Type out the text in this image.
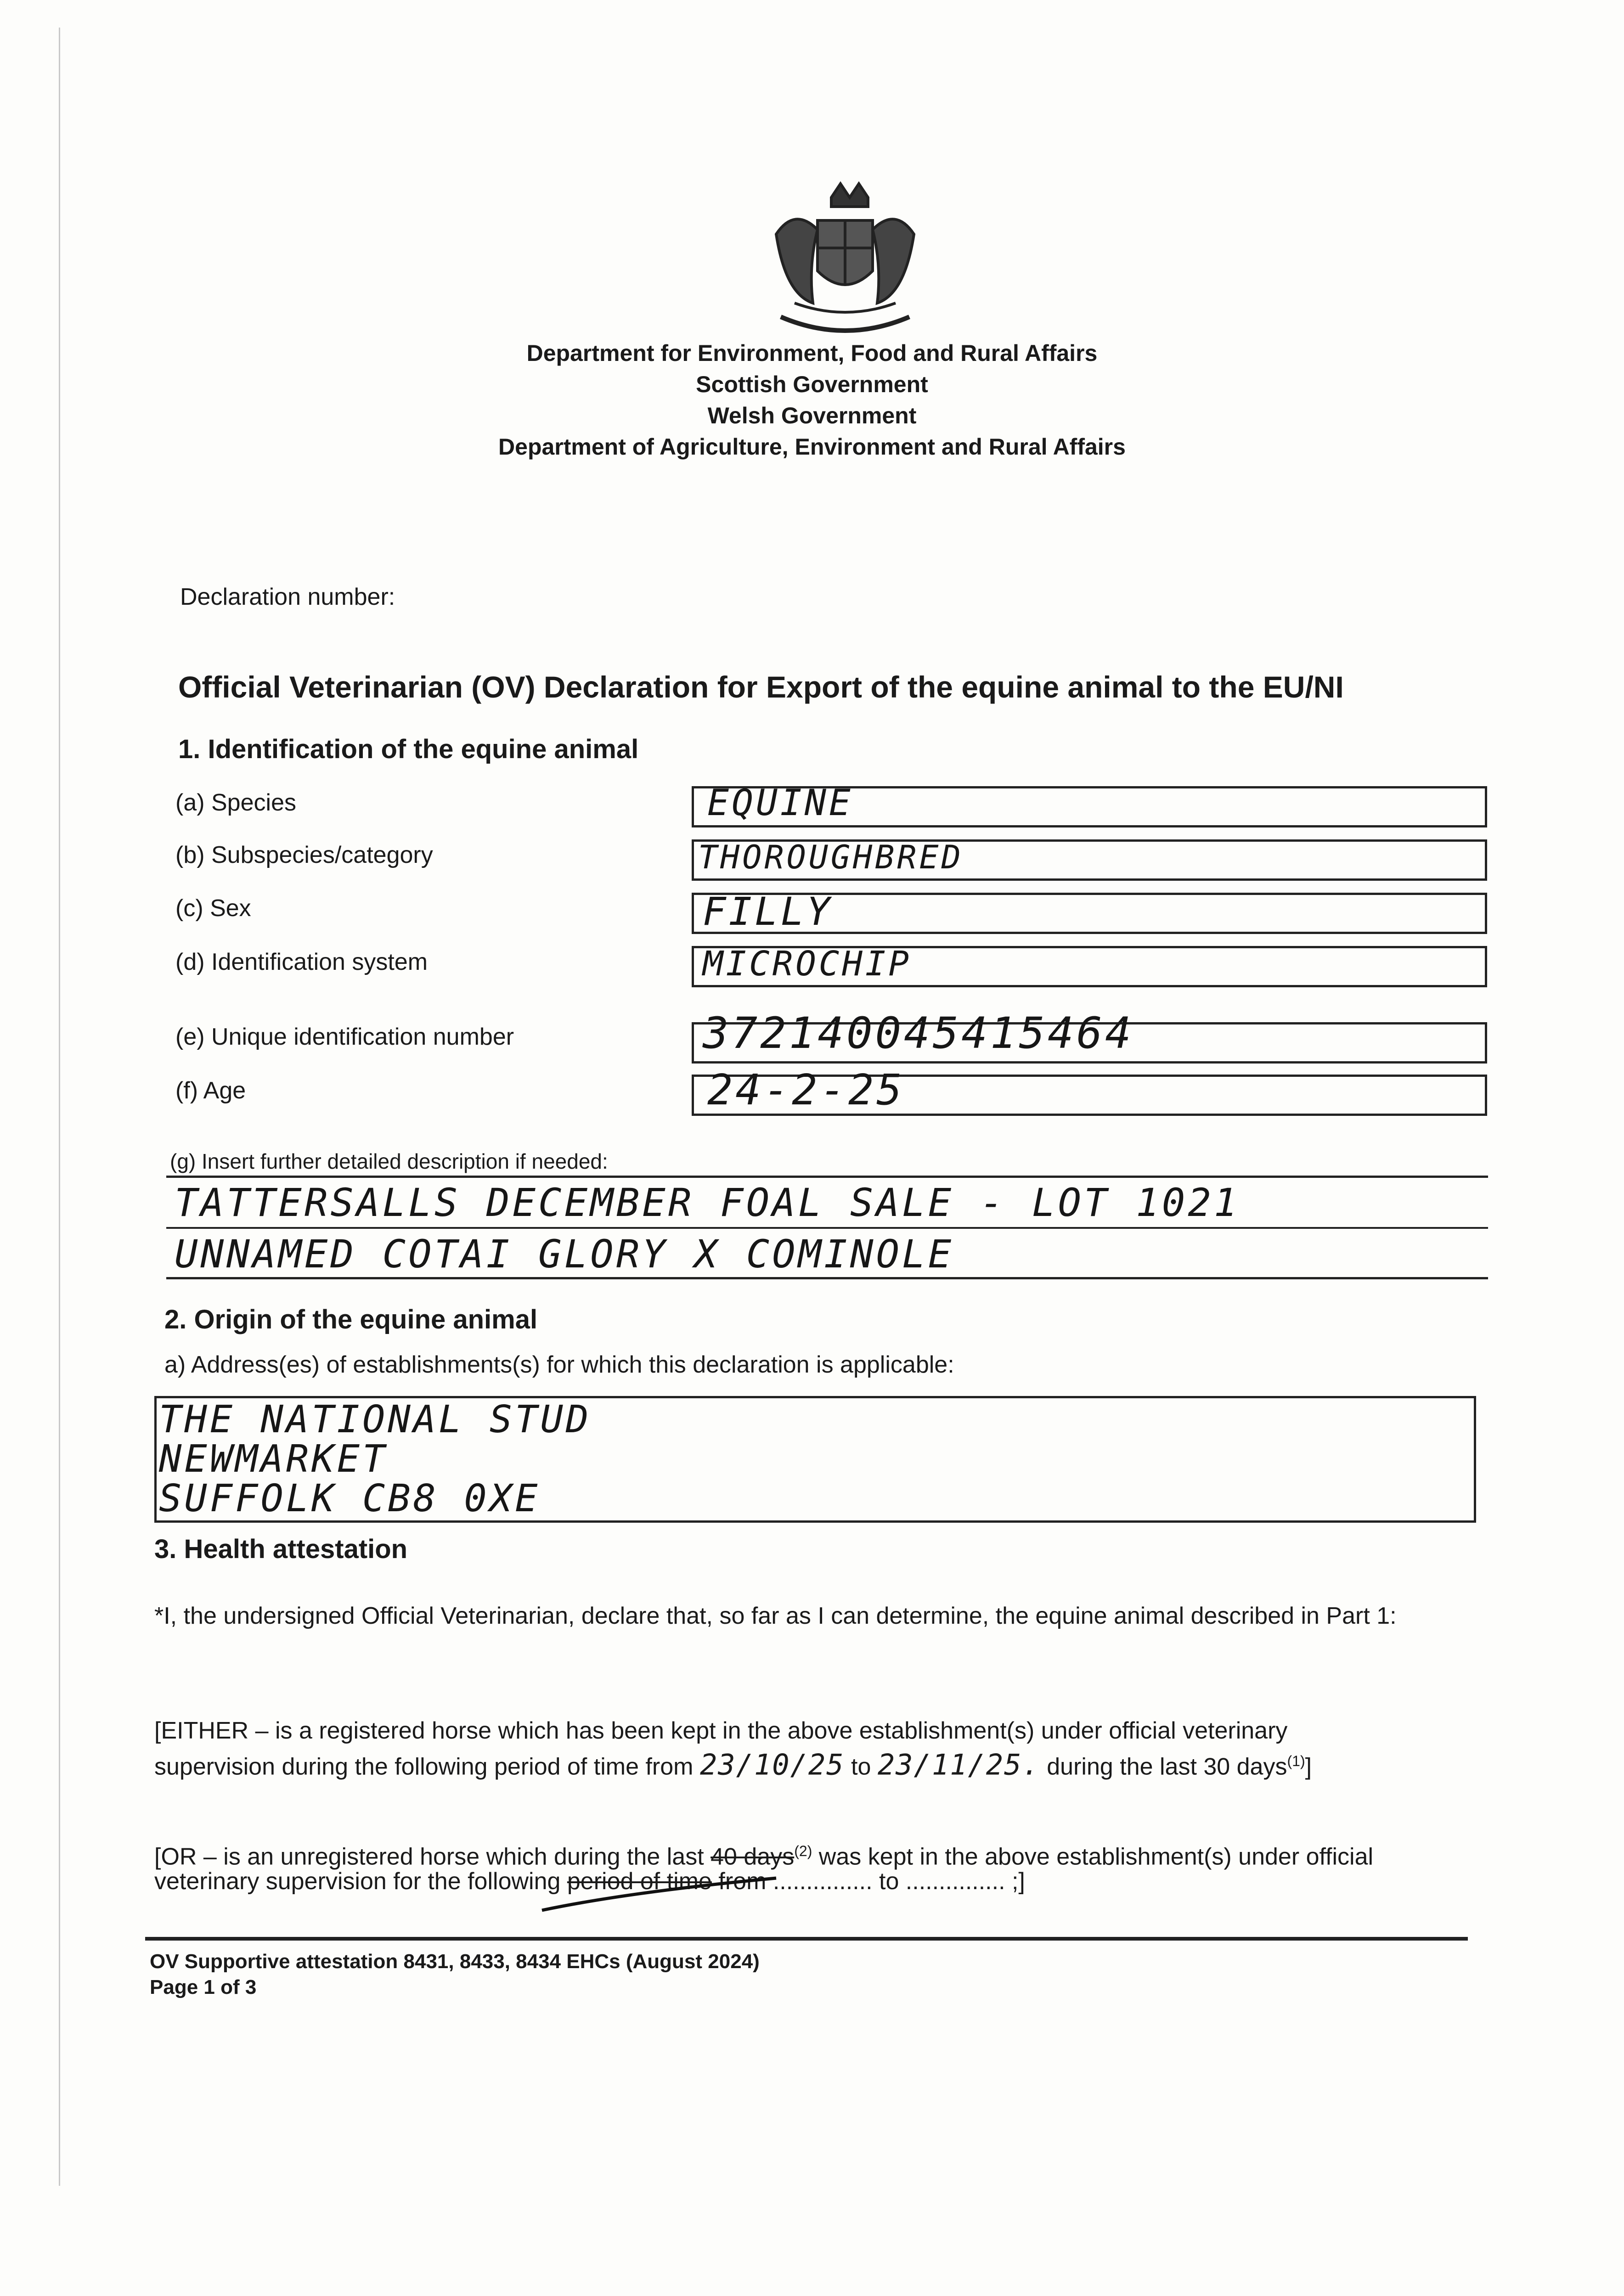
Department for Environment, Food and Rural Affairs
Scottish Government
Welsh Government
Department of Agriculture, Environment and Rural Affairs
Declaration number:
Official Veterinarian (OV) Declaration for Export of the equine animal to the EU/NI
1. Identification of the equine animal
(a) Species
(b) Subspecies/category
(c) Sex
(d) Identification system
(e) Unique identification number
(f) Age
EQUINE
THOROUGHBRED
FILLY
MICROCHIP
372140045415464
24-2-25
(g) Insert further detailed description if needed:
TATTERSALLS DECEMBER FOAL SALE - LOT 1021
UNNAMED COTAI GLORY X COMINOLE
2. Origin of the equine animal
a) Address(es) of establishments(s) for which this declaration is applicable:
THE NATIONAL STUD
NEWMARKET
SUFFOLK CB8 0XE
3. Health attestation
*I, the undersigned Official Veterinarian, declare that, so far as I can determine, the equine animal described in Part 1:
[EITHER – is a registered horse which has been kept in the above establishment(s) under official veterinary
supervision during the following period of time from 23/10/25 to 23/11/25. during the last 30 days$^{(1)}$]
[OR – is an unregistered horse which during the last 40 days$^{(2)}$ was kept in the above establishment(s) under official
veterinary supervision for the following period of time from ............... to ............... ;]
OV Supportive attestation 8431, 8433, 8434 EHCs (August 2024)
Page 1 of 3
